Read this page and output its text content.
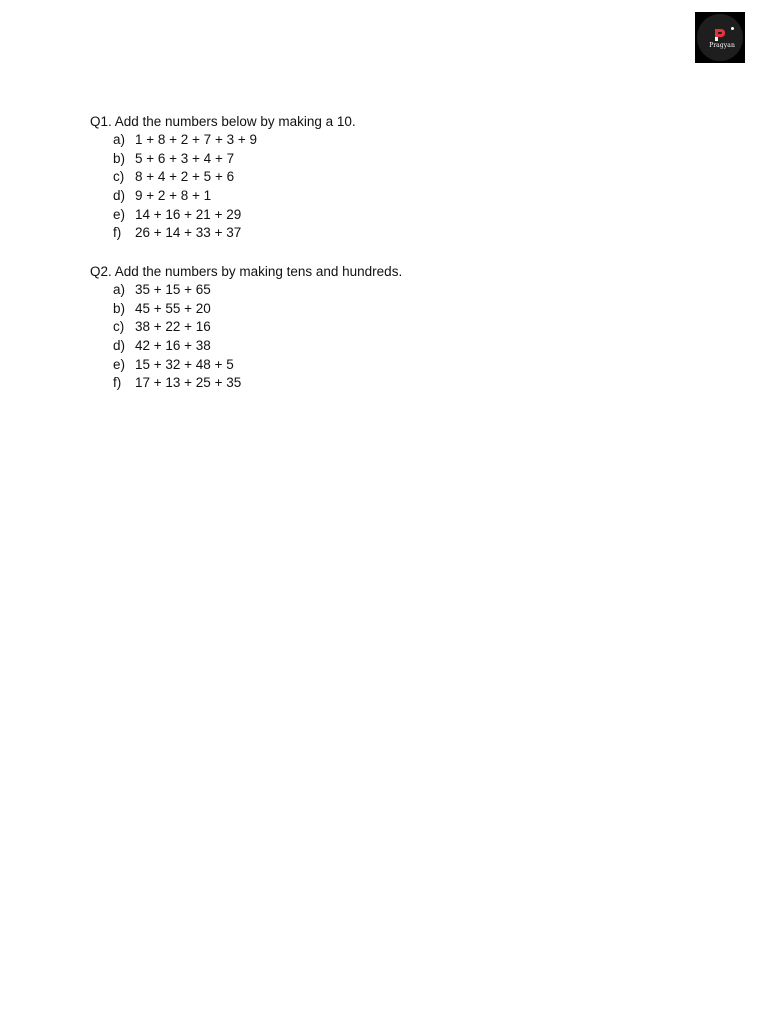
Pragyan
Q1. Add the numbers below by making a 10.
a) 1 + 8 + 2 + 7 + 3 + 9
b) 5 + 6 + 3 + 4 + 7
c) 8 + 4 + 2 + 5 + 6
d) 9 + 2 + 8 + 1
e) 14 + 16 + 21 + 29
f) 26 + 14 + 33 + 37
Q2. Add the numbers by making tens and hundreds.
a) 35 + 15 + 65
b) 45 + 55 + 20
c) 38 + 22 + 16
d) 42 + 16 + 38
e) 15 + 32 + 48 + 5
f) 17 + 13 + 25 + 35
